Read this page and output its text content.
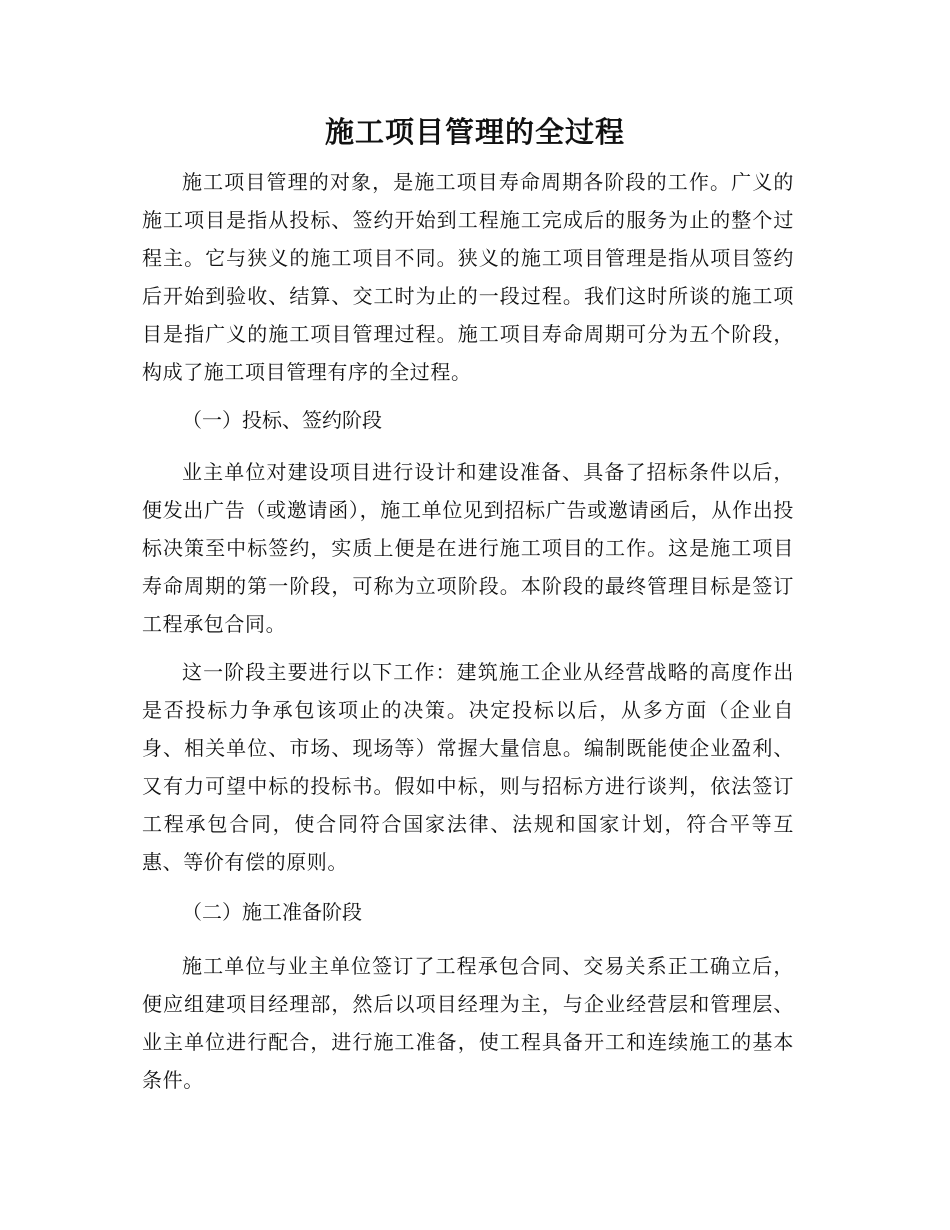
施工项目管理的全过程

施工项目管理的对象，是施工项目寿命周期各阶段的工作。广义的施工项目是指从投标、签约开始到工程施工完成后的服务为止的整个过程主。它与狭义的施工项目不同。狭义的施工项目管理是指从项目签约后开始到验收、结算、交工时为止的一段过程。我们这时所谈的施工项目是指广义的施工项目管理过程。施工项目寿命周期可分为五个阶段，构成了施工项目管理有序的全过程。

（一）投标、签约阶段

业主单位对建设项目进行设计和建设准备、具备了招标条件以后，便发出广告（或邀请函），施工单位见到招标广告或邀请函后，从作出投标决策至中标签约，实质上便是在进行施工项目的工作。这是施工项目寿命周期的第一阶段，可称为立项阶段。本阶段的最终管理目标是签订工程承包合同。

这一阶段主要进行以下工作：建筑施工企业从经营战略的高度作出是否投标力争承包该项止的决策。决定投标以后，从多方面（企业自身、相关单位、市场、现场等）常握大量信息。编制既能使企业盈利、又有力可望中标的投标书。假如中标，则与招标方进行谈判，依法签订工程承包合同，使合同符合国家法律、法规和国家计划，符合平等互惠、等价有偿的原则。

（二）施工准备阶段

施工单位与业主单位签订了工程承包合同、交易关系正工确立后，便应组建项目经理部，然后以项目经理为主，与企业经营层和管理层、业主单位进行配合，进行施工准备，使工程具备开工和连续施工的基本条件。
